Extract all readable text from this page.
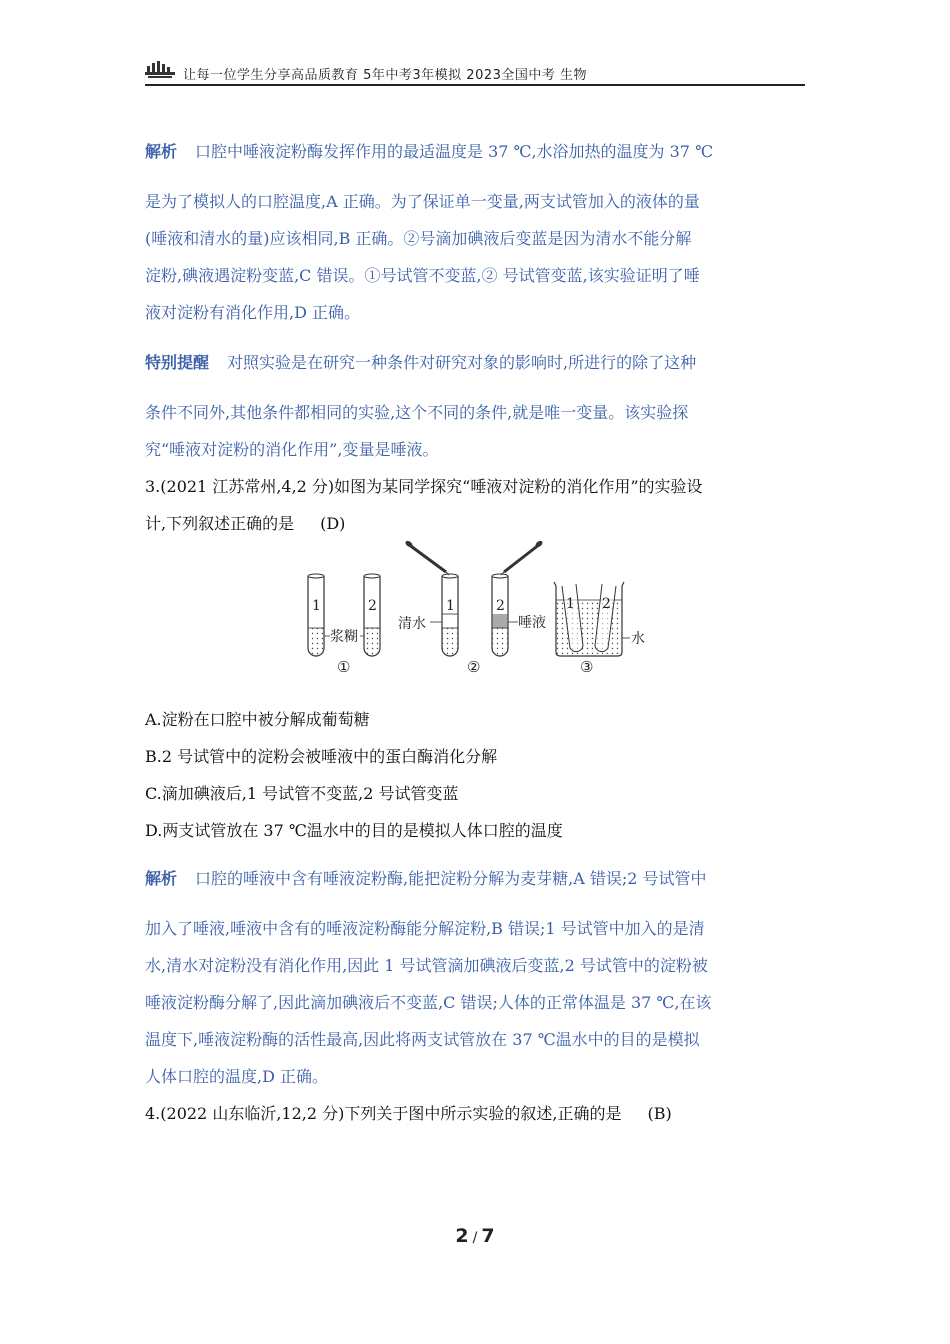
让每一位学生分享高品质教育 5年中考3年模拟 2023全国中考 生物
解析 口腔中唾液淀粉酶发挥作用的最适温度是 37 ℃,水浴加热的温度为 37 ℃
是为了模拟人的口腔温度,A 正确。为了保证单一变量,两支试管加入的液体的量
(唾液和清水的量)应该相同,B 正确。②号滴加碘液后变蓝是因为清水不能分解
淀粉,碘液遇淀粉变蓝,C 错误。①号试管不变蓝,② 号试管变蓝,该实验证明了唾
液对淀粉有消化作用,D 正确。
特别提醒 对照实验是在研究一种条件对研究对象的影响时,所进行的除了这种
条件不同外,其他条件都相同的实验,这个不同的条件,就是唯一变量。该实验探
究“唾液对淀粉的消化作用”,变量是唾液。
3.(2021 江苏常州,4,2 分)如图为某同学探究“唾液对淀粉的消化作用”的实验设
计,下列叙述正确的是 (D)
1	2
浆糊
①
1
清水
2
唾液
②
1 2
水
③
A.淀粉在口腔中被分解成葡萄糖
B.2 号试管中的淀粉会被唾液中的蛋白酶消化分解
C.滴加碘液后,1 号试管不变蓝,2 号试管变蓝
D.两支试管放在 37 ℃温水中的目的是模拟人体口腔的温度
解析 口腔的唾液中含有唾液淀粉酶,能把淀粉分解为麦芽糖,A 错误;2 号试管中
加入了唾液,唾液中含有的唾液淀粉酶能分解淀粉,B 错误;1 号试管中加入的是清
水,清水对淀粉没有消化作用,因此 1 号试管滴加碘液后变蓝,2 号试管中的淀粉被
唾液淀粉酶分解了,因此滴加碘液后不变蓝,C 错误;人体的正常体温是 37 ℃,在该
温度下,唾液淀粉酶的活性最高,因此将两支试管放在 37 ℃温水中的目的是模拟
人体口腔的温度,D 正确。
4.(2022 山东临沂,12,2 分)下列关于图中所示实验的叙述,正确的是 (B)
2 / 7
